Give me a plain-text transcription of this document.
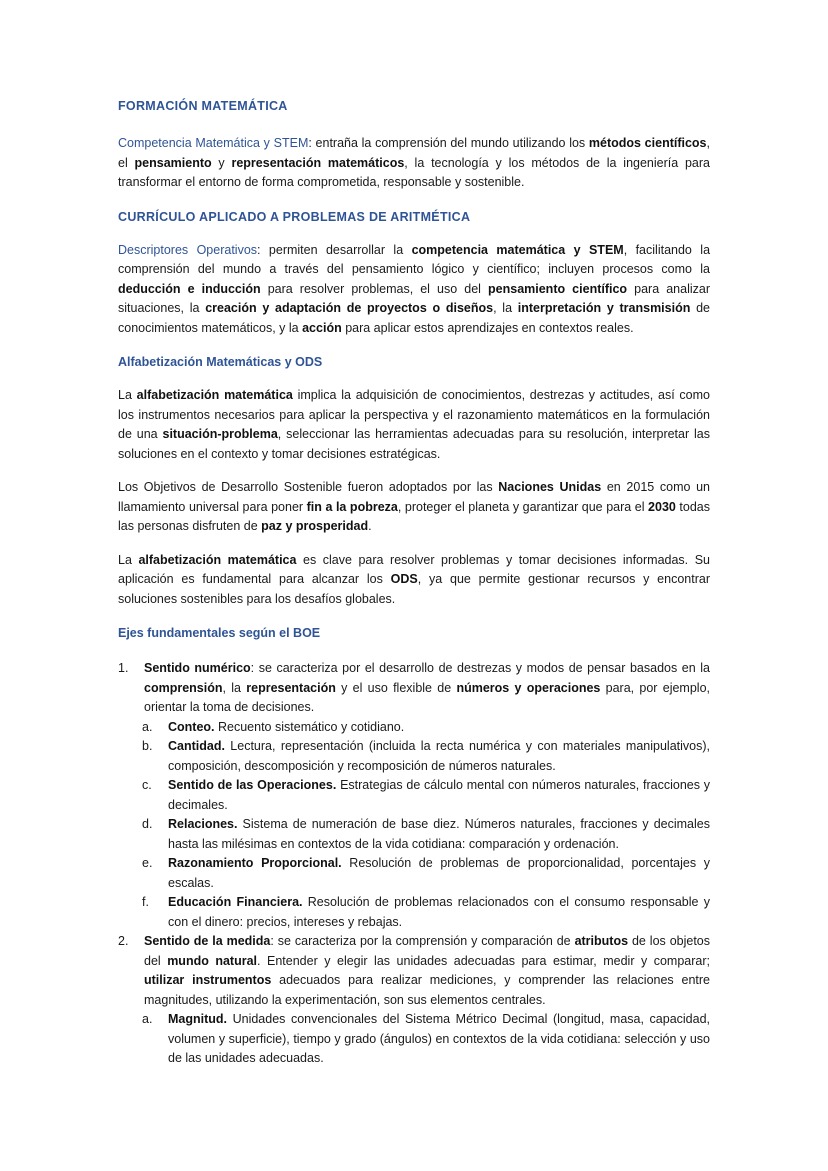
FORMACIÓN MATEMÁTICA

Competencia Matemática y STEM: entraña la comprensión del mundo utilizando los métodos científicos, el pensamiento y representación matemáticos, la tecnología y los métodos de la ingeniería para transformar el entorno de forma comprometida, responsable y sostenible.

CURRÍCULO APLICADO A PROBLEMAS DE ARITMÉTICA

Descriptores Operativos: permiten desarrollar la competencia matemática y STEM, facilitando la comprensión del mundo a través del pensamiento lógico y científico; incluyen procesos como la deducción e inducción para resolver problemas, el uso del pensamiento científico para analizar situaciones, la creación y adaptación de proyectos o diseños, la interpretación y transmisión de conocimientos matemáticos, y la acción para aplicar estos aprendizajes en contextos reales.

Alfabetización Matemáticas y ODS

La alfabetización matemática implica la adquisición de conocimientos, destrezas y actitudes, así como los instrumentos necesarios para aplicar la perspectiva y el razonamiento matemáticos en la formulación de una situación-problema, seleccionar las herramientas adecuadas para su resolución, interpretar las soluciones en el contexto y tomar decisiones estratégicas.

Los Objetivos de Desarrollo Sostenible fueron adoptados por las Naciones Unidas en 2015 como un llamamiento universal para poner fin a la pobreza, proteger el planeta y garantizar que para el 2030 todas las personas disfruten de paz y prosperidad.

La alfabetización matemática es clave para resolver problemas y tomar decisiones informadas. Su aplicación es fundamental para alcanzar los ODS, ya que permite gestionar recursos y encontrar soluciones sostenibles para los desafíos globales.

Ejes fundamentales según el BOE
1. Sentido numérico: se caracteriza por el desarrollo de destrezas y modos de pensar basados en la comprensión, la representación y el uso flexible de números y operaciones para, por ejemplo, orientar la toma de decisiones.
a. Conteo. Recuento sistemático y cotidiano.
b. Cantidad. Lectura, representación (incluida la recta numérica y con materiales manipulativos), composición, descomposición y recomposición de números naturales.
c. Sentido de las Operaciones. Estrategias de cálculo mental con números naturales, fracciones y decimales.
d. Relaciones. Sistema de numeración de base diez. Números naturales, fracciones y decimales hasta las milésimas en contextos de la vida cotidiana: comparación y ordenación.
e. Razonamiento Proporcional. Resolución de problemas de proporcionalidad, porcentajes y escalas.
f. Educación Financiera. Resolución de problemas relacionados con el consumo responsable y con el dinero: precios, intereses y rebajas.
2. Sentido de la medida: se caracteriza por la comprensión y comparación de atributos de los objetos del mundo natural. Entender y elegir las unidades adecuadas para estimar, medir y comparar; utilizar instrumentos adecuados para realizar mediciones, y comprender las relaciones entre magnitudes, utilizando la experimentación, son sus elementos centrales.
a. Magnitud. Unidades convencionales del Sistema Métrico Decimal (longitud, masa, capacidad, volumen y superficie), tiempo y grado (ángulos) en contextos de la vida cotidiana: selección y uso de las unidades adecuadas.
